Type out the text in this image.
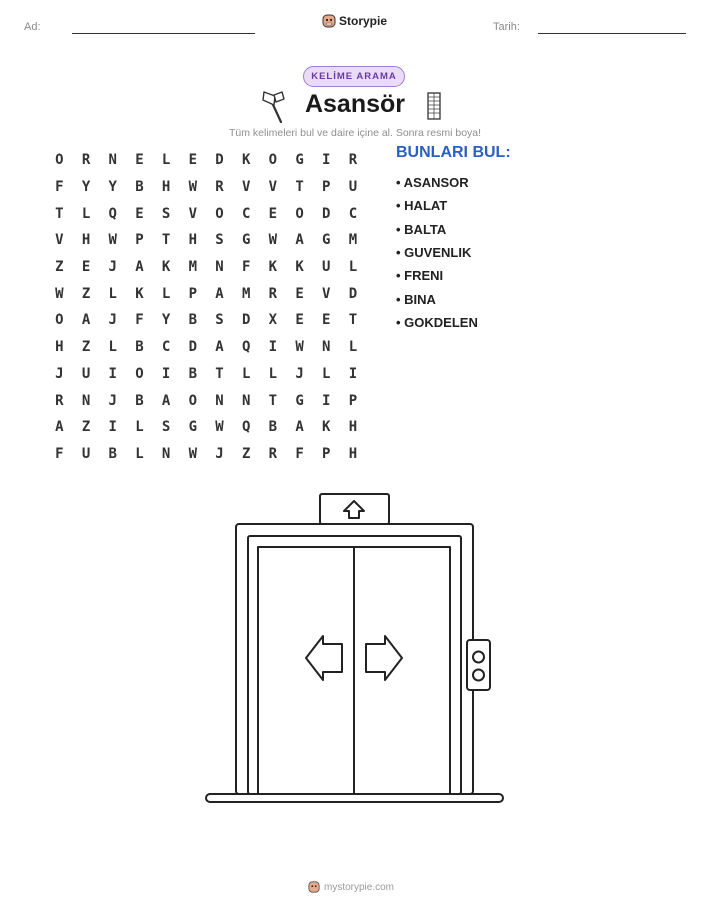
Ad:	Storypie	Tarih:
KELİME ARAMA
Asansör
Tüm kelimeleri bul ve daire içine al. Sonra resmi boya!
O	R	N	E	L	E	D	K	O	G	I	R
F	Y	Y	B	H	W	R	V	V	T	P	U
T	L	Q	E	S	V	O	C	E	O	D	C
V	H	W	P	T	H	S	G	W	A	G	M
Z	E	J	A	K	M	N	F	K	K	U	L
W	Z	L	K	L	P	A	M	R	E	V	D
O	A	J	F	Y	B	S	D	X	E	E	T
H	Z	L	B	C	D	A	Q	I	W	N	L
J	U	I	O	I	B	T	L	L	J	L	I
R	N	J	B	A	O	N	N	T	G	I	P
A	Z	I	L	S	G	W	Q	B	A	K	H
F	U	B	L	N	W	J	Z	R	F	P	H
BUNLARI BUL:
• ASANSOR
• HALAT
• BALTA
• GUVENLIK
• FRENI
• BINA
• GOKDELEN
mystorypie.com
